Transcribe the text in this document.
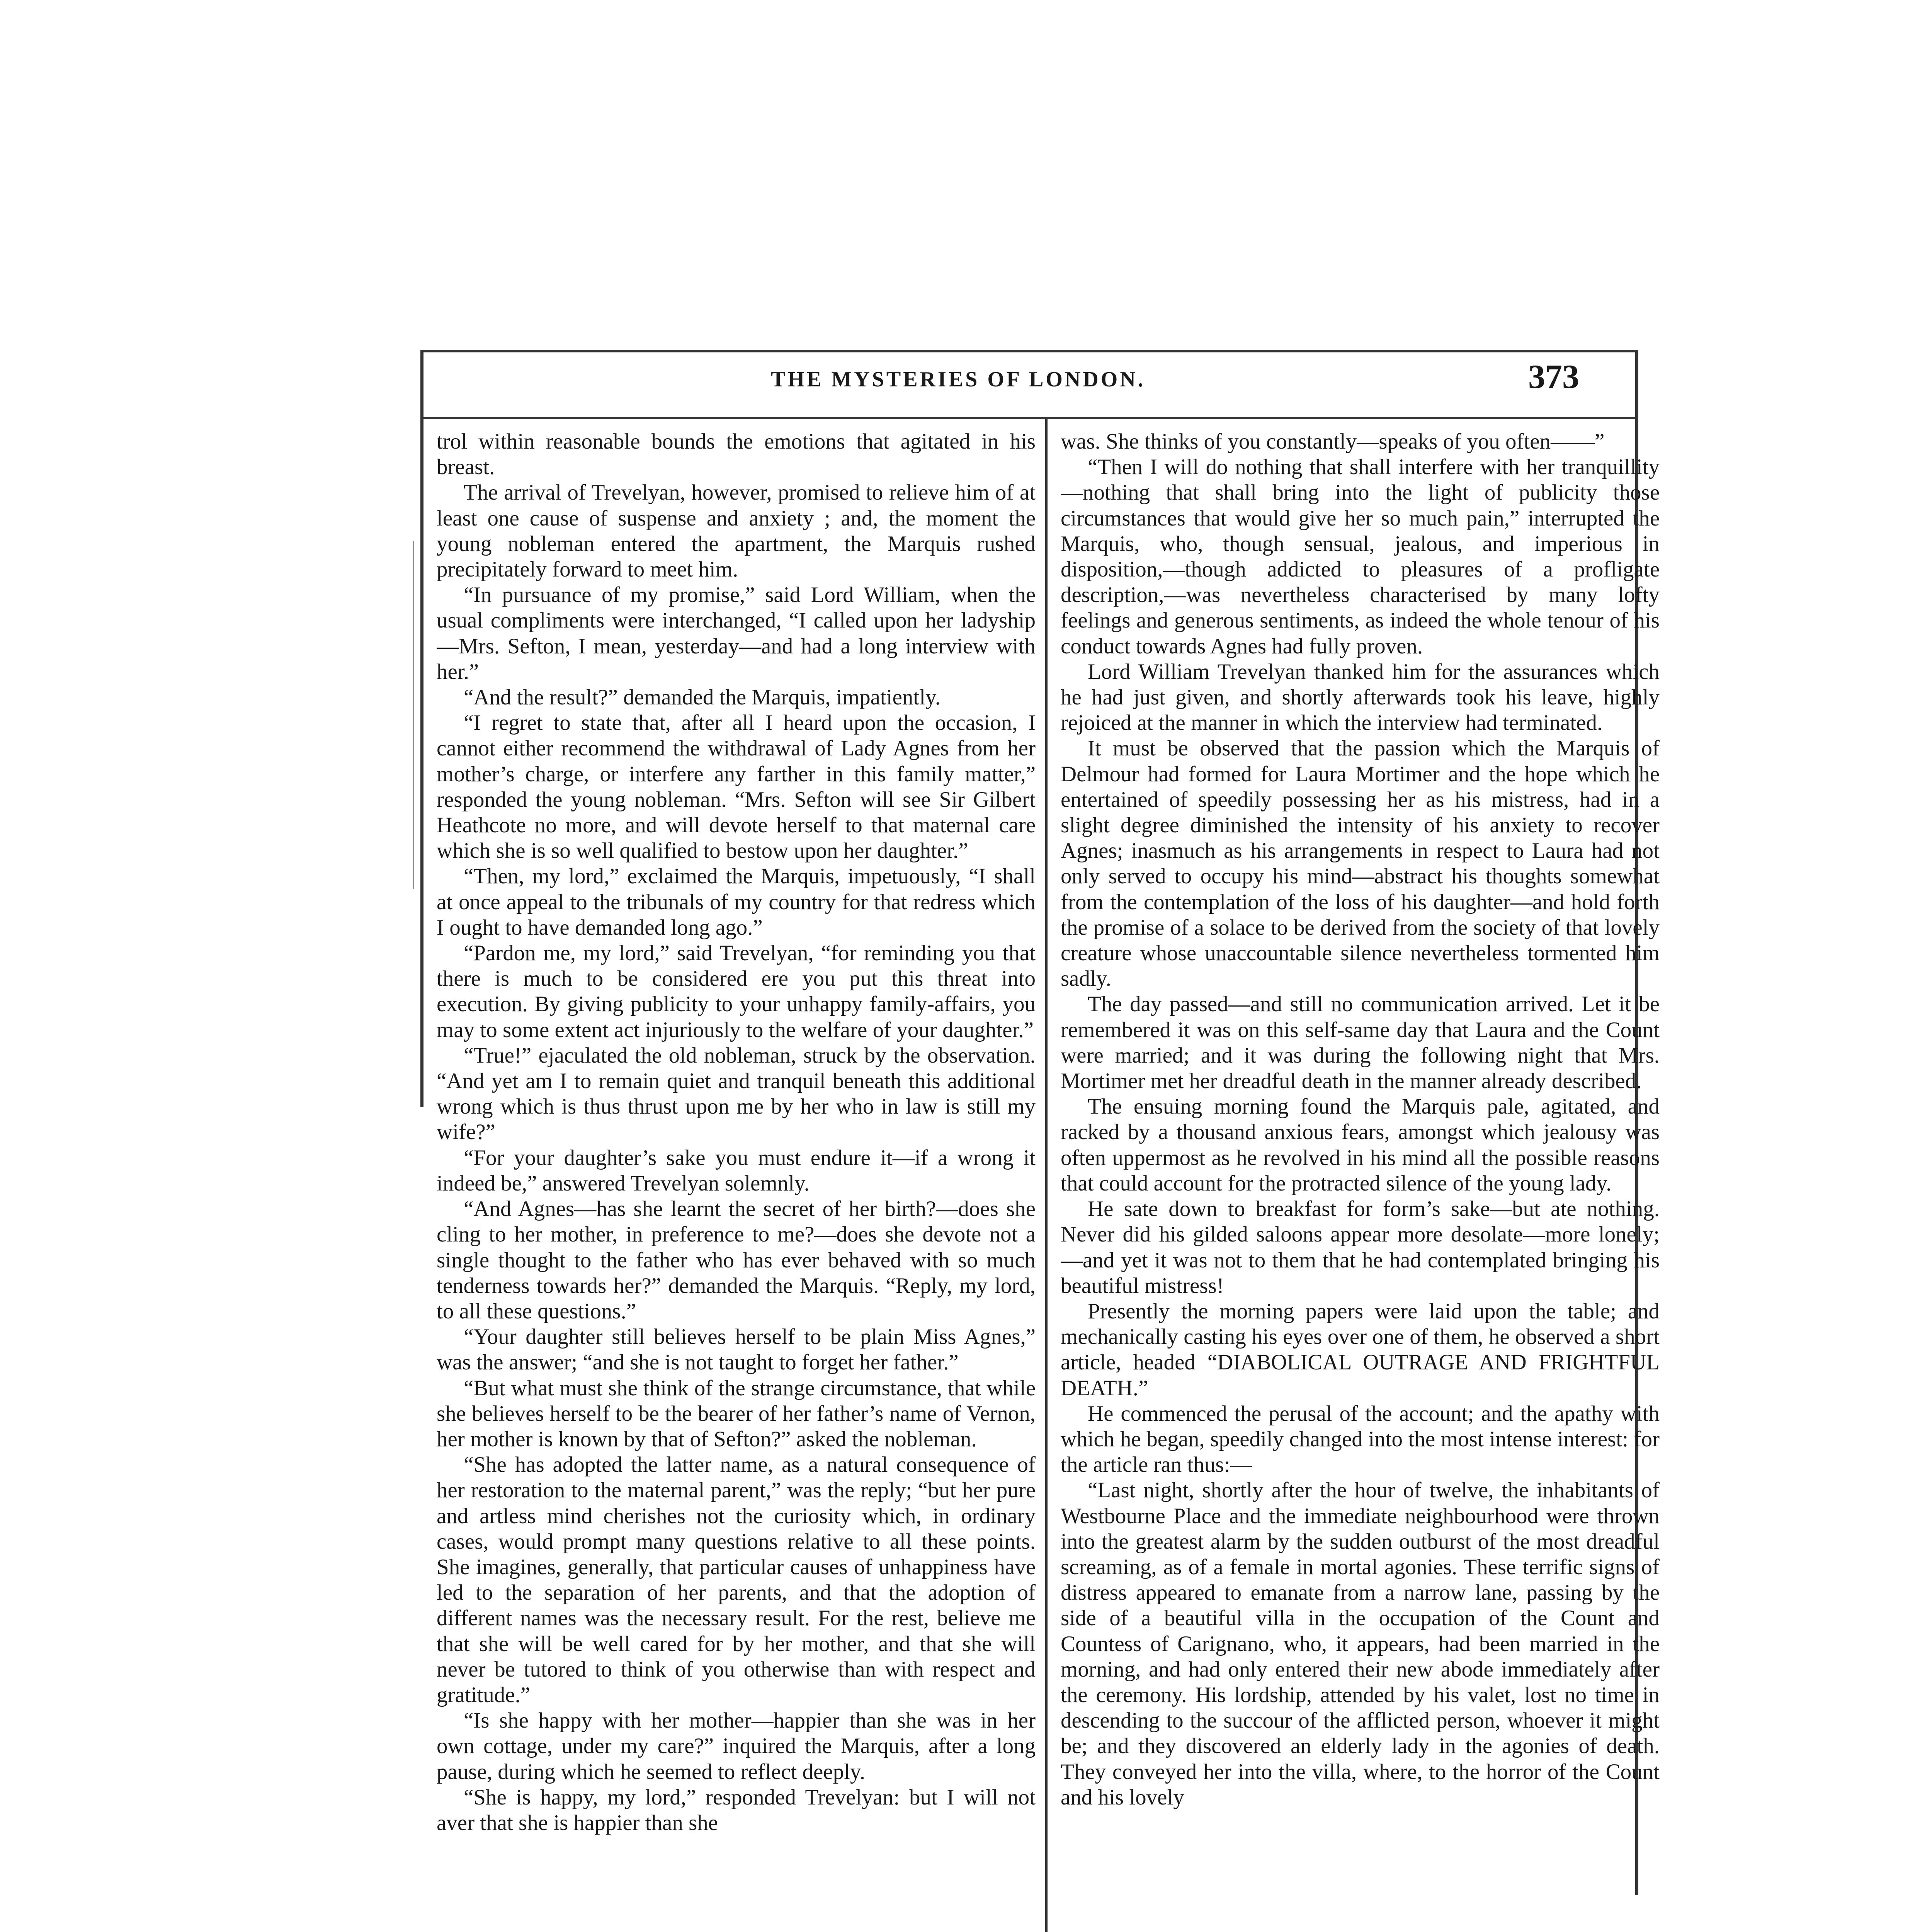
THE MYSTERIES OF LONDON.	373

trol within reasonable bounds the emotions that agitated in his breast.

The arrival of Trevelyan, however, promised to relieve him of at least one cause of suspense and anxiety ; and, the moment the young nobleman entered the apartment, the Marquis rushed precipitately forward to meet him.

“In pursuance of my promise,” said Lord William, when the usual compliments were interchanged, “I called upon her ladyship—Mrs. Sefton, I mean, yesterday—and had a long interview with her.”

“And the result?” demanded the Marquis, impatiently.

“I regret to state that, after all I heard upon the occasion, I cannot either recommend the withdrawal of Lady Agnes from her mother’s charge, or interfere any farther in this family matter,” responded the young nobleman. “Mrs. Sefton will see Sir Gilbert Heathcote no more, and will devote herself to that maternal care which she is so well qualified to bestow upon her daughter.”

“Then, my lord,” exclaimed the Marquis, impetuously, “I shall at once appeal to the tribunals of my country for that redress which I ought to have demanded long ago.”

“Pardon me, my lord,” said Trevelyan, “for reminding you that there is much to be considered ere you put this threat into execution. By giving publicity to your unhappy family-affairs, you may to some extent act injuriously to the welfare of your daughter.”

“True!” ejaculated the old nobleman, struck by the observation. “And yet am I to remain quiet and tranquil beneath this additional wrong which is thus thrust upon me by her who in law is still my wife?”

“For your daughter’s sake you must endure it—if a wrong it indeed be,” answered Trevelyan solemnly.

“And Agnes—has she learnt the secret of her birth?—does she cling to her mother, in preference to me?—does she devote not a single thought to the father who has ever behaved with so much tenderness towards her?” demanded the Marquis. “Reply, my lord, to all these questions.”

“Your daughter still believes herself to be plain Miss Agnes,” was the answer; “and she is not taught to forget her father.”

“But what must she think of the strange circumstance, that while she believes herself to be the bearer of her father’s name of Vernon, her mother is known by that of Sefton?” asked the nobleman.

“She has adopted the latter name, as a natural consequence of her restoration to the maternal parent,” was the reply; “but her pure and artless mind cherishes not the curiosity which, in ordinary cases, would prompt many questions relative to all these points. She imagines, generally, that particular causes of unhappiness have led to the separation of her parents, and that the adoption of different names was the necessary result. For the rest, believe me that she will be well cared for by her mother, and that she will never be tutored to think of you otherwise than with respect and gratitude.”

“Is she happy with her mother—happier than she was in her own cottage, under my care?” inquired the Marquis, after a long pause, during which he seemed to reflect deeply.

“She is happy, my lord,” responded Trevelyan: but I will not aver that she is happier than she

was. She thinks of you constantly—speaks of you often——”

“Then I will do nothing that shall interfere with her tranquillity—nothing that shall bring into the light of publicity those circumstances that would give her so much pain,” interrupted the Marquis, who, though sensual, jealous, and imperious in disposition,—though addicted to pleasures of a profligate description,—was nevertheless characterised by many lofty feelings and generous sentiments, as indeed the whole tenour of his conduct towards Agnes had fully proven.

Lord William Trevelyan thanked him for the assurances which he had just given, and shortly afterwards took his leave, highly rejoiced at the manner in which the interview had terminated.

It must be observed that the passion which the Marquis of Delmour had formed for Laura Mortimer and the hope which he entertained of speedily possessing her as his mistress, had in a slight degree diminished the intensity of his anxiety to recover Agnes; inasmuch as his arrangements in respect to Laura had not only served to occupy his mind—abstract his thoughts somewhat from the contemplation of the loss of his daughter—and hold forth the promise of a solace to be derived from the society of that lovely creature whose unaccountable silence nevertheless tormented him sadly.

The day passed—and still no communication arrived. Let it be remembered it was on this self-same day that Laura and the Count were married; and it was during the following night that Mrs. Mortimer met her dreadful death in the manner already described.

The ensuing morning found the Marquis pale, agitated, and racked by a thousand anxious fears, amongst which jealousy was often uppermost as he revolved in his mind all the possible reasons that could account for the protracted silence of the young lady.

He sate down to breakfast for form’s sake—but ate nothing. Never did his gilded saloons appear more desolate—more lonely;—and yet it was not to them that he had contemplated bringing his beautiful mistress!

Presently the morning papers were laid upon the table; and mechanically casting his eyes over one of them, he observed a short article, headed “DIABOLICAL OUTRAGE AND FRIGHTFUL DEATH.”

He commenced the perusal of the account; and the apathy with which he began, speedily changed into the most intense interest: for the article ran thus:—

“Last night, shortly after the hour of twelve, the inhabitants of Westbourne Place and the immediate neighbourhood were thrown into the greatest alarm by the sudden outburst of the most dreadful screaming, as of a female in mortal agonies. These terrific signs of distress appeared to emanate from a narrow lane, passing by the side of a beautiful villa in the occupation of the Count and Countess of Carignano, who, it appears, had been married in the morning, and had only entered their new abode immediately after the ceremony. His lordship, attended by his valet, lost no time in descending to the succour of the afflicted person, whoever it might be; and they discovered an elderly lady in the agonies of death. They conveyed her into the villa, where, to the horror of the Count and his lovely
